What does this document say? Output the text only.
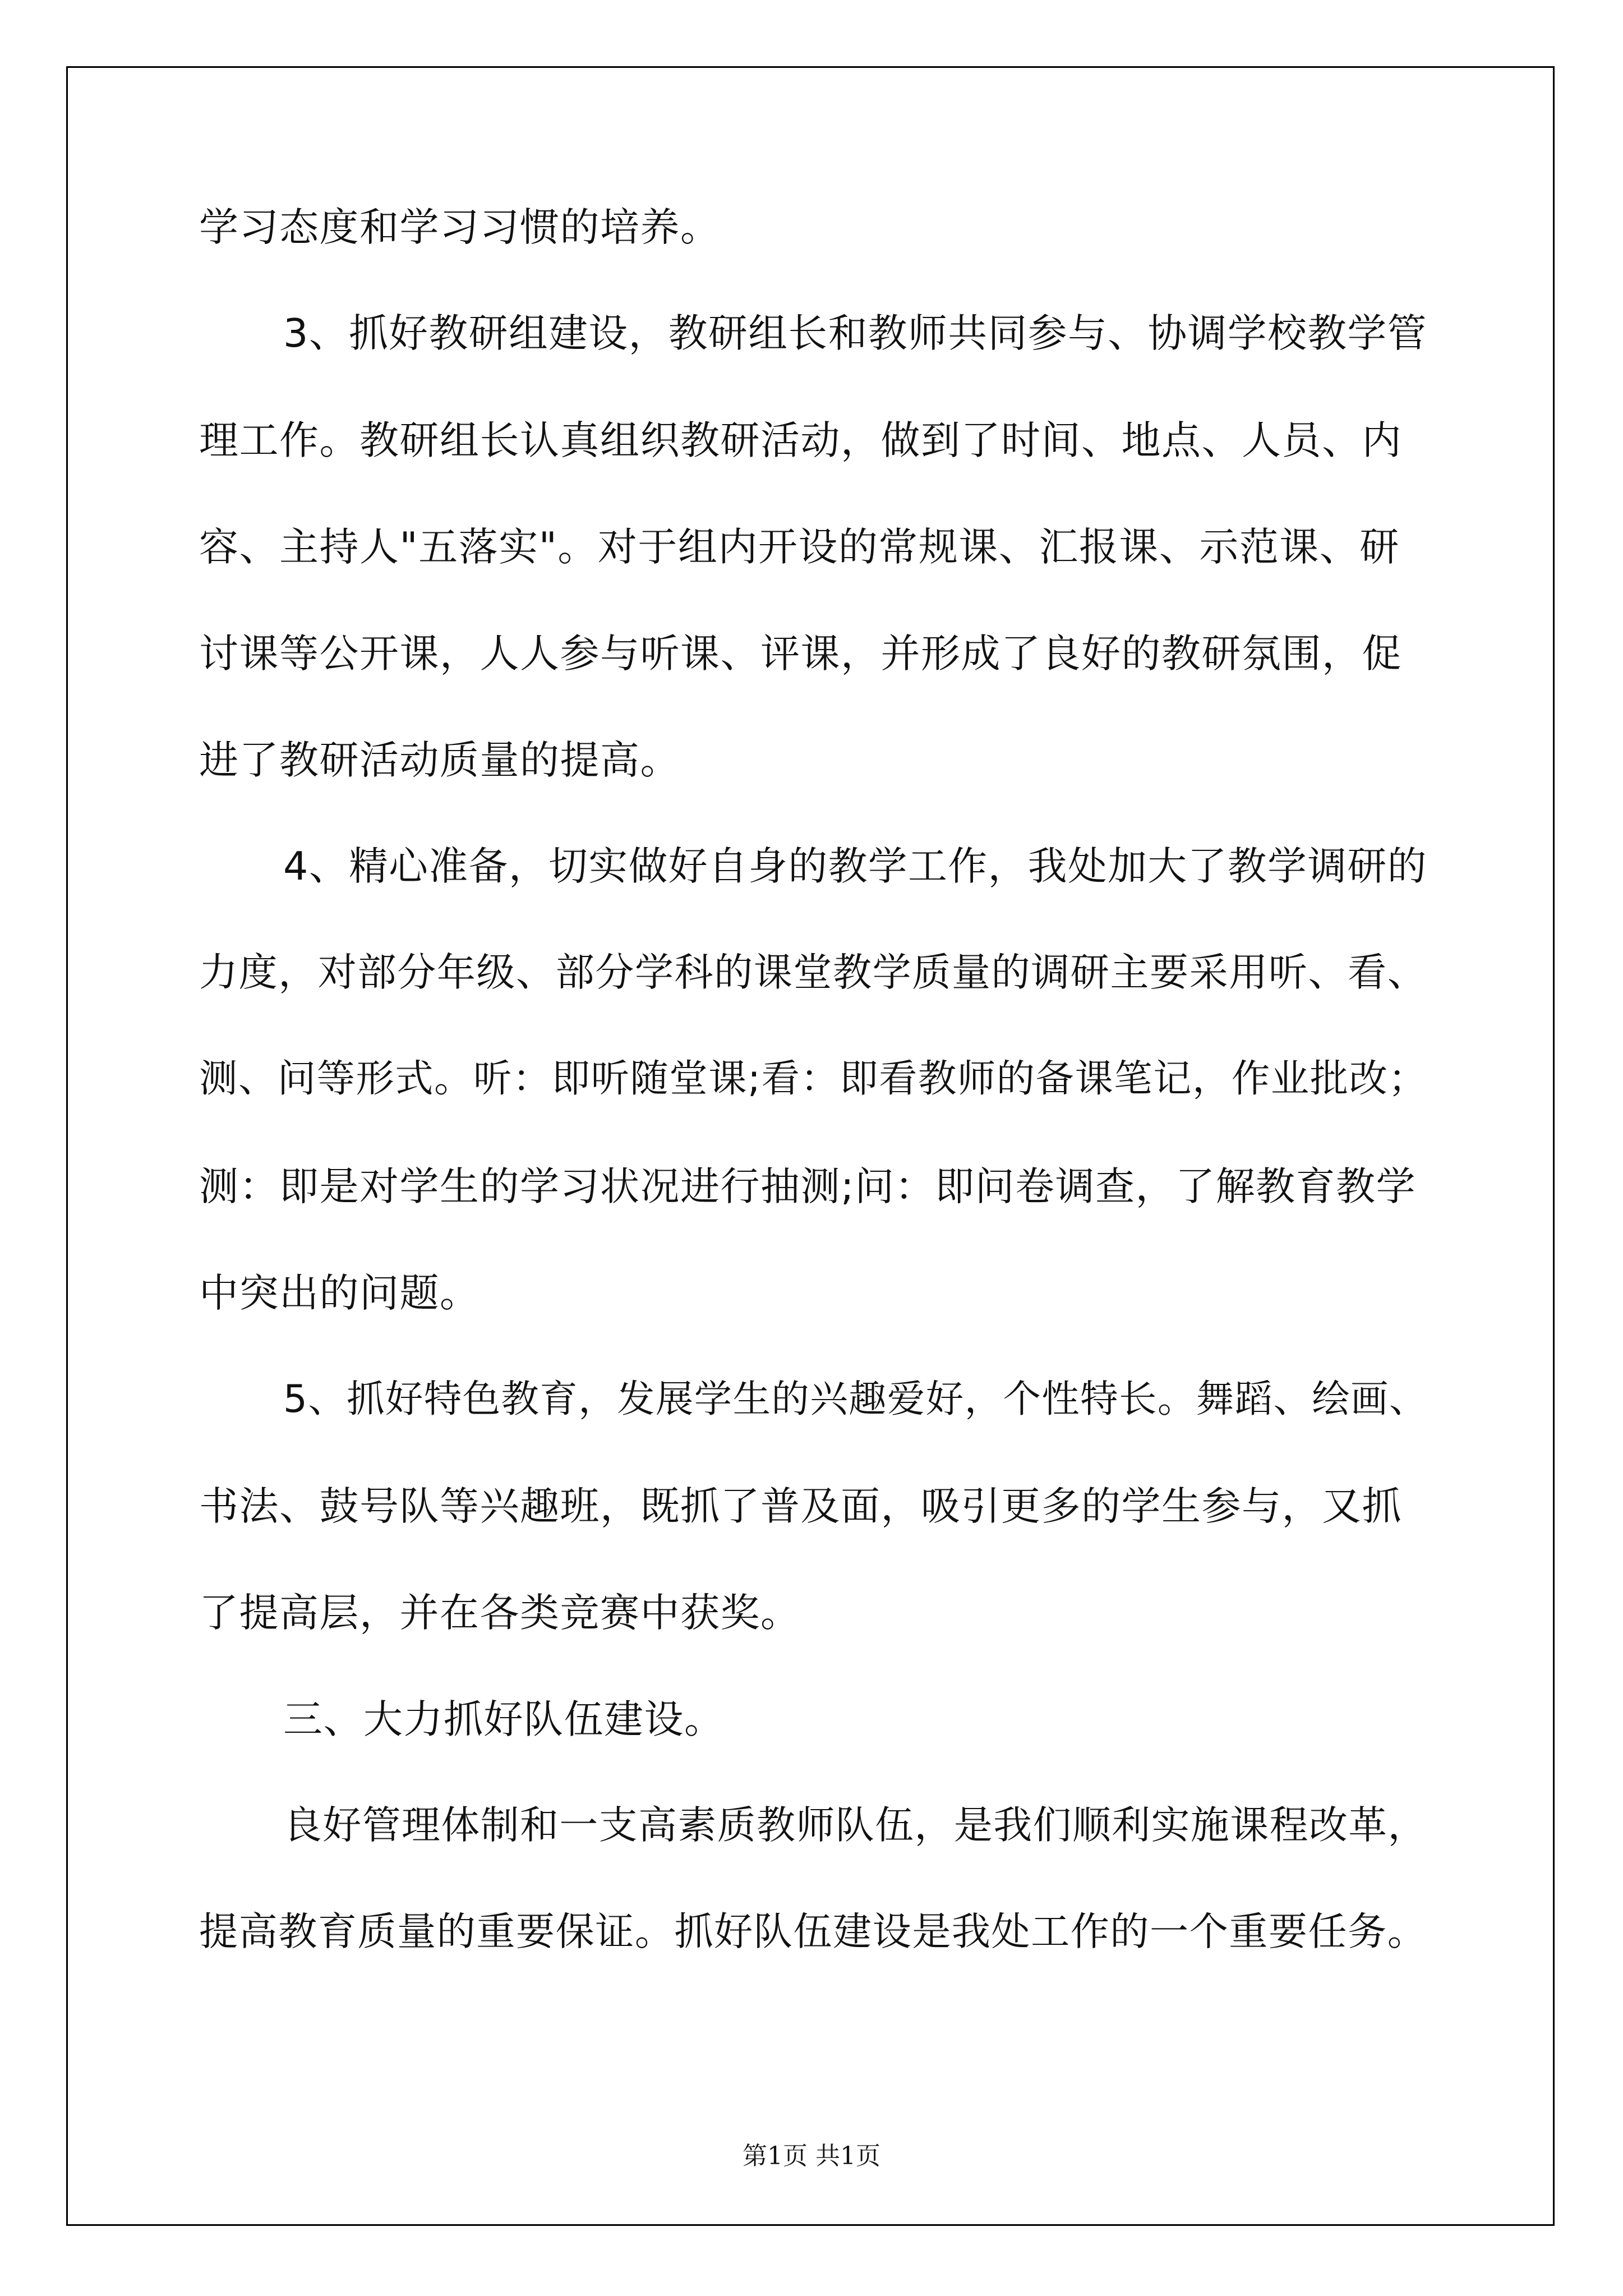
学习态度和学习习惯的培养。
3、抓好教研组建设，教研组长和教师共同参与、协调学校教学管
理工作。教研组长认真组织教研活动，做到了时间、地点、人员、内
容、主持人"五落实"。对于组内开设的常规课、汇报课、示范课、研
讨课等公开课，人人参与听课、评课，并形成了良好的教研氛围，促
进了教研活动质量的提高。
4、精心准备，切实做好自身的教学工作，我处加大了教学调研的
力度，对部分年级、部分学科的课堂教学质量的调研主要采用听、看、
测、问等形式。听：即听随堂课;看：即看教师的备课笔记，作业批改；
测：即是对学生的学习状况进行抽测;问：即问卷调查，了解教育教学
中突出的问题。
5、抓好特色教育，发展学生的兴趣爱好，个性特长。舞蹈、绘画、
书法、鼓号队等兴趣班，既抓了普及面，吸引更多的学生参与，又抓
了提高层，并在各类竞赛中获奖。
三、大力抓好队伍建设。
良好管理体制和一支高素质教师队伍，是我们顺利实施课程改革，
提高教育质量的重要保证。抓好队伍建设是我处工作的一个重要任务。
第1页 共1页
